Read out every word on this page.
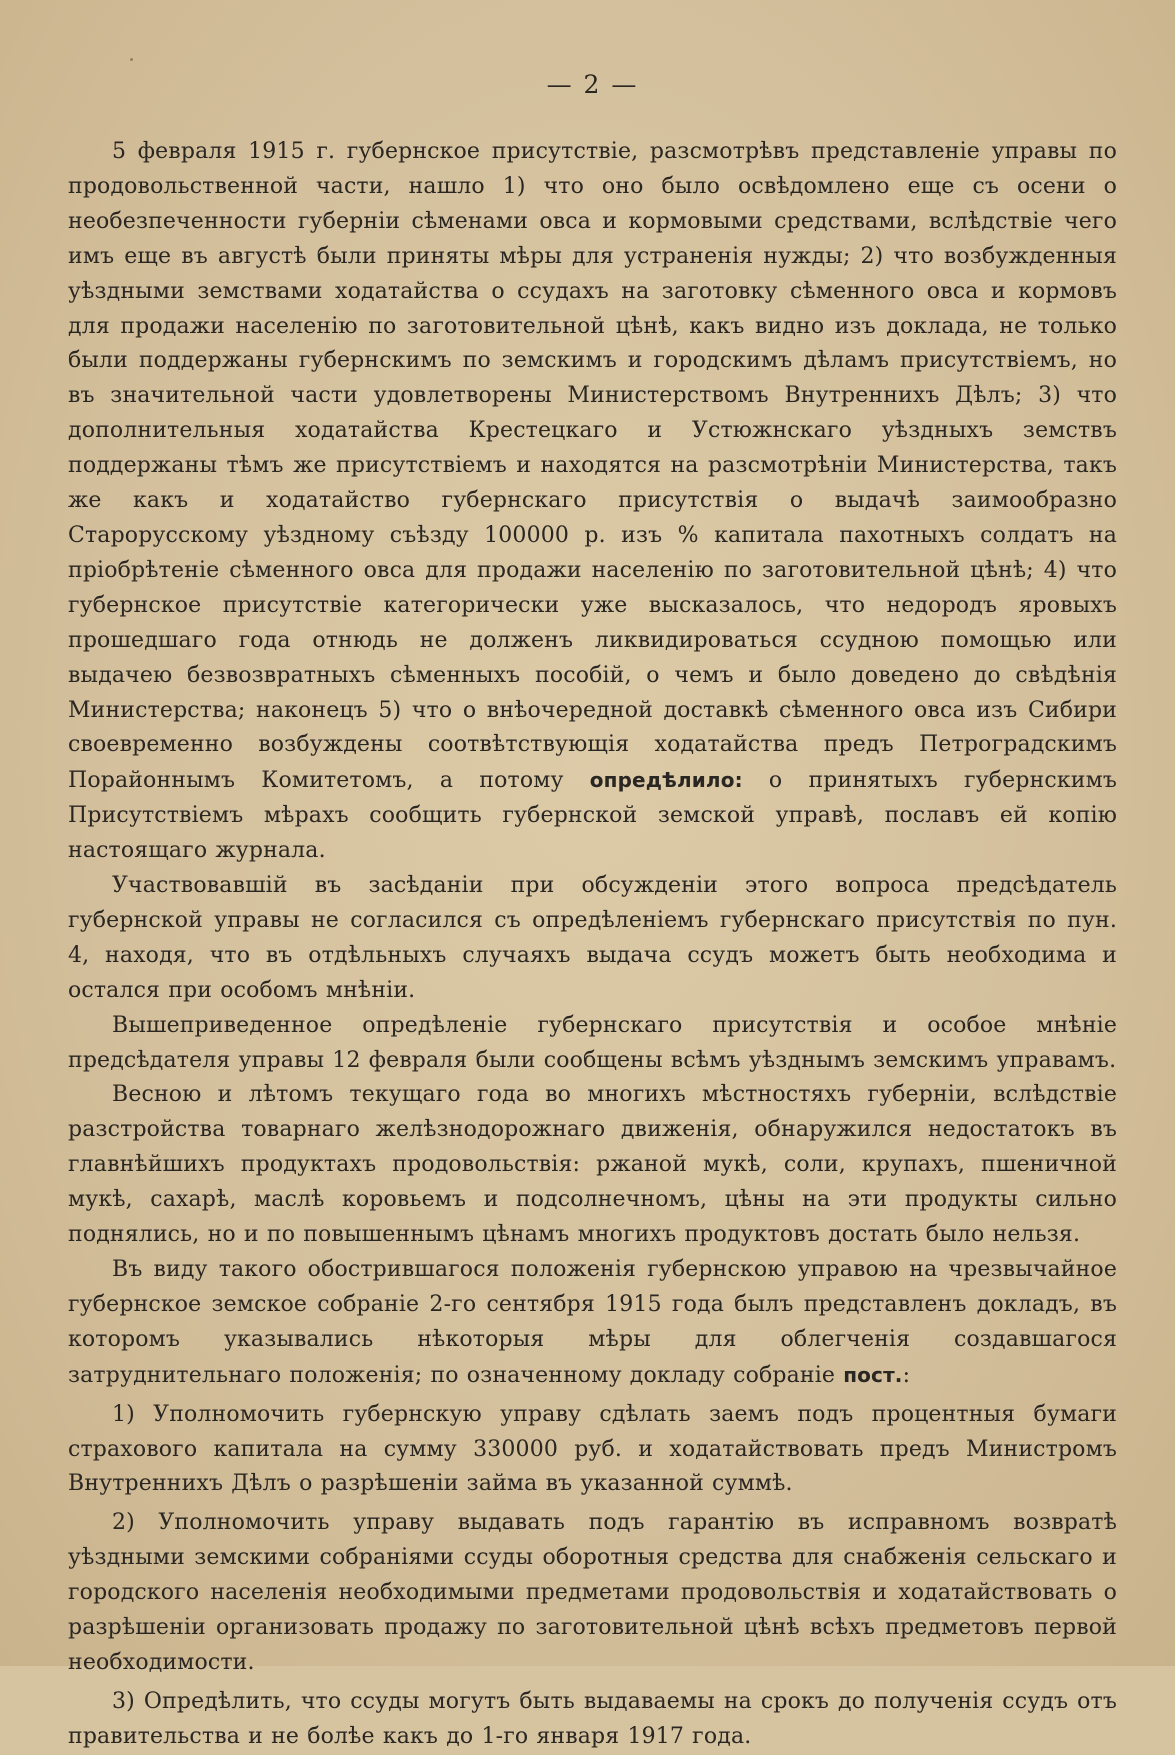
— 2 —

5 февраля 1915 г. губернское присутствіе, разсмотрѣвъ представленіе управы по продовольственной части, нашло 1) что оно было освѣдомлено еще съ осени о необезпеченности губерніи сѣменами овса и кормовыми средствами, вслѣдствіе чего имъ еще въ августѣ были приняты мѣры для устраненія нужды; 2) что возбужденныя уѣздными земствами ходатайства о ссудахъ на заготовку сѣменного овса и кормовъ для продажи населенію по заготовительной цѣнѣ, какъ видно изъ доклада, не только были поддержаны губернскимъ по земскимъ и городскимъ дѣламъ присутствіемъ, но въ значительной части удовлетворены Министерствомъ Внутреннихъ Дѣлъ; 3) что дополнительныя ходатайства Крестецкаго и Устюжнскаго уѣздныхъ земствъ поддержаны тѣмъ же присутствіемъ и находятся на разсмотрѣніи Министерства, такъ же какъ и ходатайство губернскаго присутствія о выдачѣ заимообразно Старорусскому уѣздному съѣзду 100000 р. изъ % капитала пахотныхъ солдатъ на пріобрѣтеніе сѣменного овса для продажи населенію по заготовительной цѣнѣ; 4) что губернское присутствіе категорически уже высказалось, что недородъ яровыхъ прошедшаго года отнюдь не долженъ ликвидироваться ссудною помощью или выдачею безвозвратныхъ сѣменныхъ пособій, о чемъ и было доведено до свѣдѣнія Министерства; наконецъ 5) что о внѣочередной доставкѣ сѣменного овса изъ Сибири своевременно возбуждены соотвѣтствующія ходатайства предъ Петроградскимъ Порайоннымъ Комитетомъ, а потому опредѣлило: о принятыхъ губернскимъ Присутствіемъ мѣрахъ сообщить губернской земской управѣ, пославъ ей копію настоящаго журнала.

Участвовавшій въ засѣданіи при обсужденіи этого вопроса предсѣдатель губернской управы не согласился съ опредѣленіемъ губернскаго присутствія по пун. 4, находя, что въ отдѣльныхъ случаяхъ выдача ссудъ можетъ быть необходима и остался при особомъ мнѣніи.

Вышеприведенное опредѣленіе губернскаго присутствія и особое мнѣніе предсѣдателя управы 12 февраля были сообщены всѣмъ уѣзднымъ земскимъ управамъ.

Весною и лѣтомъ текущаго года во многихъ мѣстностяхъ губерніи, вслѣдствіе разстройства товарнаго желѣзнодорожнаго движенія, обнаружился недостатокъ въ главнѣйшихъ продуктахъ продовольствія: ржаной мукѣ, соли, крупахъ, пшеничной мукѣ, сахарѣ, маслѣ коровьемъ и подсолнечномъ, цѣны на эти продукты сильно поднялись, но и по повышеннымъ цѣнамъ многихъ продуктовъ достать было нельзя.

Въ виду такого обострившагося положенія губернскою управою на чрезвычайное губернское земское собраніе 2-го сентября 1915 года былъ представленъ докладъ, въ которомъ указывались нѣкоторыя мѣры для облегченія создавшагося затруднительнаго положенія; по означенному докладу собраніе пост.:

1) Уполномочить губернскую управу сдѣлать заемъ подъ процентныя бумаги страхового капитала на сумму 330000 руб. и ходатайствовать предъ Министромъ Внутреннихъ Дѣлъ о разрѣшеніи займа въ указанной суммѣ.

2) Уполномочить управу выдавать подъ гарантію въ исправномъ возвратѣ уѣздными земскими собраніями ссуды оборотныя средства для снабженія сельскаго и городского населенія необходимыми предметами продовольствія и ходатайствовать о разрѣшеніи организовать продажу по заготовительной цѣнѣ всѣхъ предметовъ первой необходимости.

3) Опредѣлить, что ссуды могутъ быть выдаваемы на срокъ до полученія ссудъ отъ правительства и не болѣе какъ до 1-го января 1917 года.
